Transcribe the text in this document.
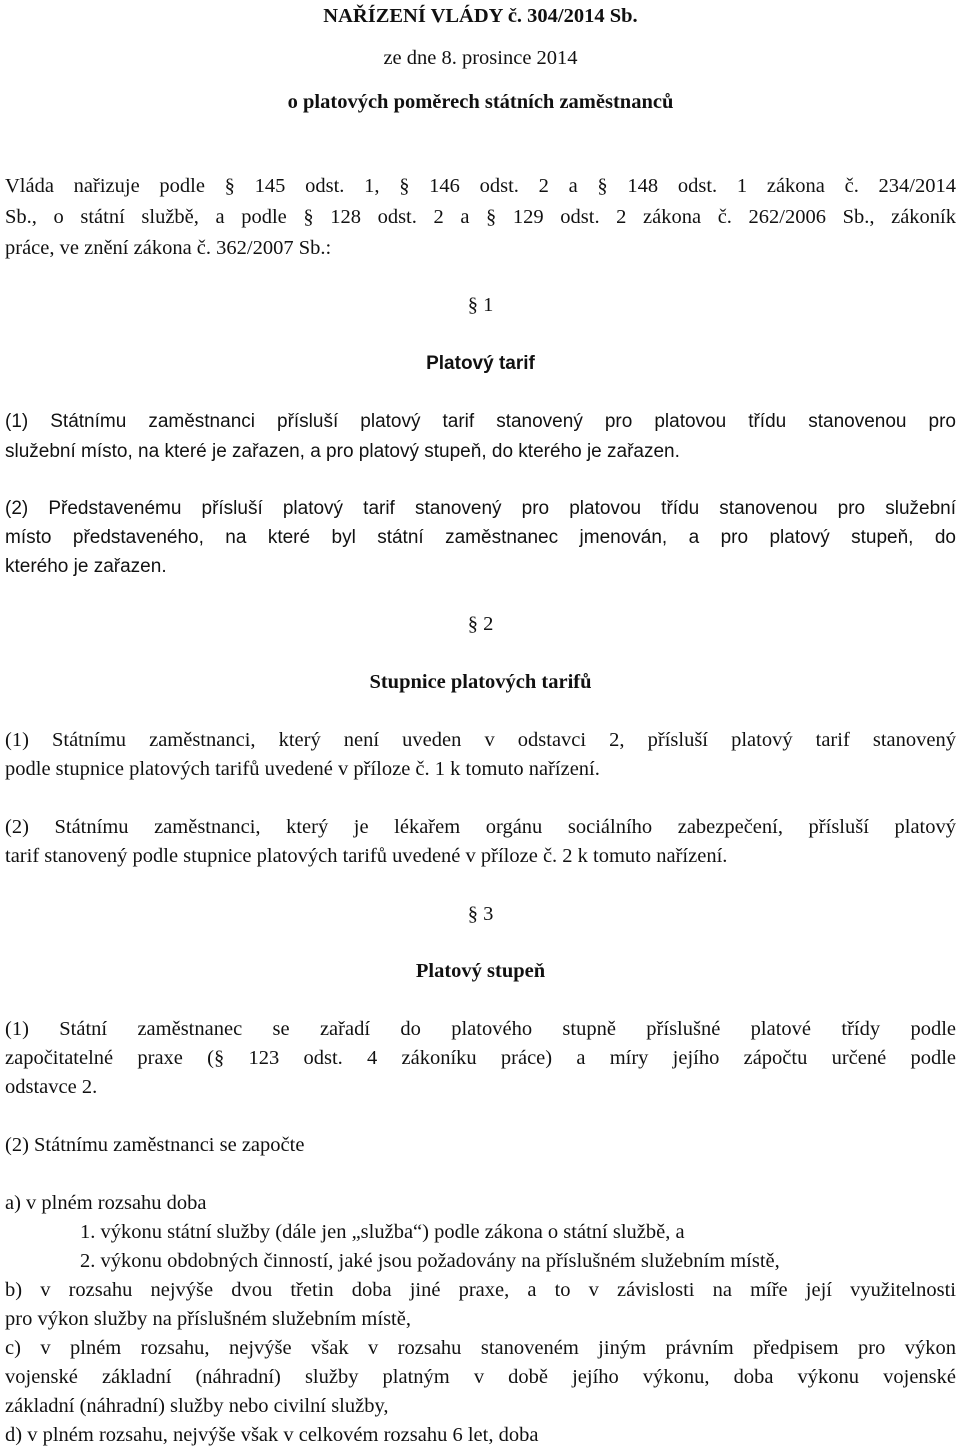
NAŘÍZENÍ VLÁDY č. 304/2014 Sb.
ze dne 8. prosince 2014
o platových poměrech státních zaměstnanců
Vláda nařizuje podle § 145 odst. 1, § 146 odst. 2 a § 148 odst. 1 zákona č. 234/2014
Sb., o státní službě, a podle § 128 odst. 2 a § 129 odst. 2 zákona č. 262/2006 Sb., zákoník
práce, ve znění zákona č. 362/2007 Sb.:
§ 1
Platový tarif
(1) Státnímu zaměstnanci přísluší platový tarif stanovený pro platovou třídu stanovenou pro
služební místo, na které je zařazen, a pro platový stupeň, do kterého je zařazen.
(2) Představenému přísluší platový tarif stanovený pro platovou třídu stanovenou pro služební
místo představeného, na které byl státní zaměstnanec jmenován, a pro platový stupeň, do
kterého je zařazen.
§ 2
Stupnice platových tarifů
(1) Státnímu zaměstnanci, který není uveden v odstavci 2, přísluší platový tarif stanovený
podle stupnice platových tarifů uvedené v příloze č. 1 k tomuto nařízení.
(2) Státnímu zaměstnanci, který je lékařem orgánu sociálního zabezpečení, přísluší platový
tarif stanovený podle stupnice platových tarifů uvedené v příloze č. 2 k tomuto nařízení.
§ 3
Platový stupeň
(1) Státní zaměstnanec se zařadí do platového stupně příslušné platové třídy podle
započitatelné praxe (§ 123 odst. 4 zákoníku práce) a míry jejího zápočtu určené podle
odstavce 2.
(2) Státnímu zaměstnanci se započte
a) v plném rozsahu doba
1. výkonu státní služby (dále jen „služba“) podle zákona o státní službě, a
2. výkonu obdobných činností, jaké jsou požadovány na příslušném služebním místě,
b) v rozsahu nejvýše dvou třetin doba jiné praxe, a to v závislosti na míře její využitelnosti
pro výkon služby na příslušném služebním místě,
c) v plném rozsahu, nejvýše však v rozsahu stanoveném jiným právním předpisem pro výkon
vojenské základní (náhradní) služby platným v době jejího výkonu, doba výkonu vojenské
základní (náhradní) služby nebo civilní služby,
d) v plném rozsahu, nejvýše však v celkovém rozsahu 6 let, doba
